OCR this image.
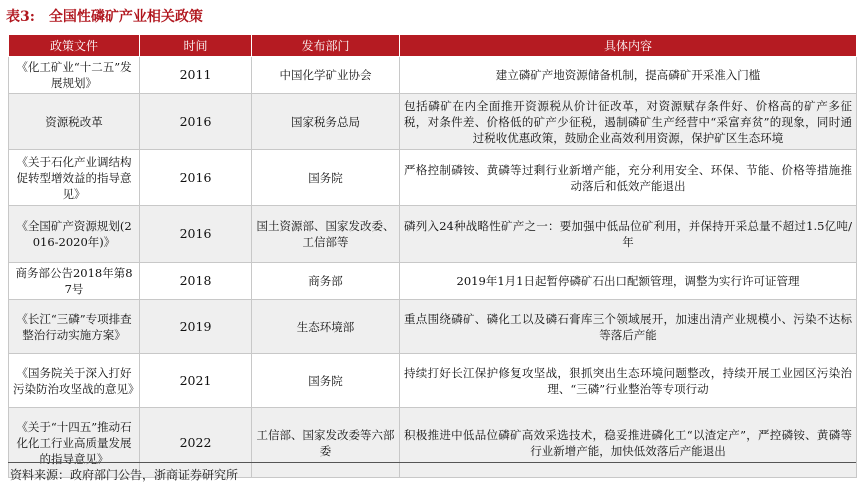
表3: 全国性磷矿产业相关政策
政策文件	时间	发布部门	具体内容
《化工矿业“十二五”发展规划》	2011	中国化学矿业协会	建立磷矿产地资源储备机制，提高磷矿开采准入门槛
资源税改革	2016	国家税务总局	包括磷矿在内全面推开资源税从价计征改革，对资源赋存条件好、价格高的矿产多征税，对条件差、价格低的矿产少征税，遏制磷矿生产经营中“采富弃贫”的现象，同时通过税收优惠政策，鼓励企业高效利用资源，保护矿区生态环境
《关于石化产业调结构促转型增效益的指导意见》	2016	国务院	严格控制磷铵、黄磷等过剩行业新增产能，充分利用安全、环保、节能、价格等措施推动落后和低效产能退出
《全国矿产资源规划(2016-2020年)》	2016	国土资源部、国家发改委、工信部等	磷列入24种战略性矿产之一：要加强中低品位矿利用，并保持开采总量不超过1.5亿吨/年
商务部公告2018年第87号	2018	商务部	2019年1月1日起暂停磷矿石出口配额管理，调整为实行许可证管理
《长江“三磷”专项排查整治行动实施方案》	2019	生态环境部	重点围绕磷矿、磷化工以及磷石膏库三个领域展开，加速出清产业规模小、污染不达标等落后产能
《国务院关于深入打好污染防治攻坚战的意见》	2021	国务院	持续打好长江保护修复攻坚战，狠抓突出生态环境问题整改，持续开展工业园区污染治理、“三磷”行业整治等专项行动
《关于“十四五”推动石化化工行业高质量发展的指导意见》	2022	工信部、国家发改委等六部委	积极推进中低品位磷矿高效采选技术，稳妥推进磷化工“以渣定产”，严控磷铵、黄磷等行业新增产能，加快低效落后产能退出
资料来源：政府部门公告，浙商证券研究所
